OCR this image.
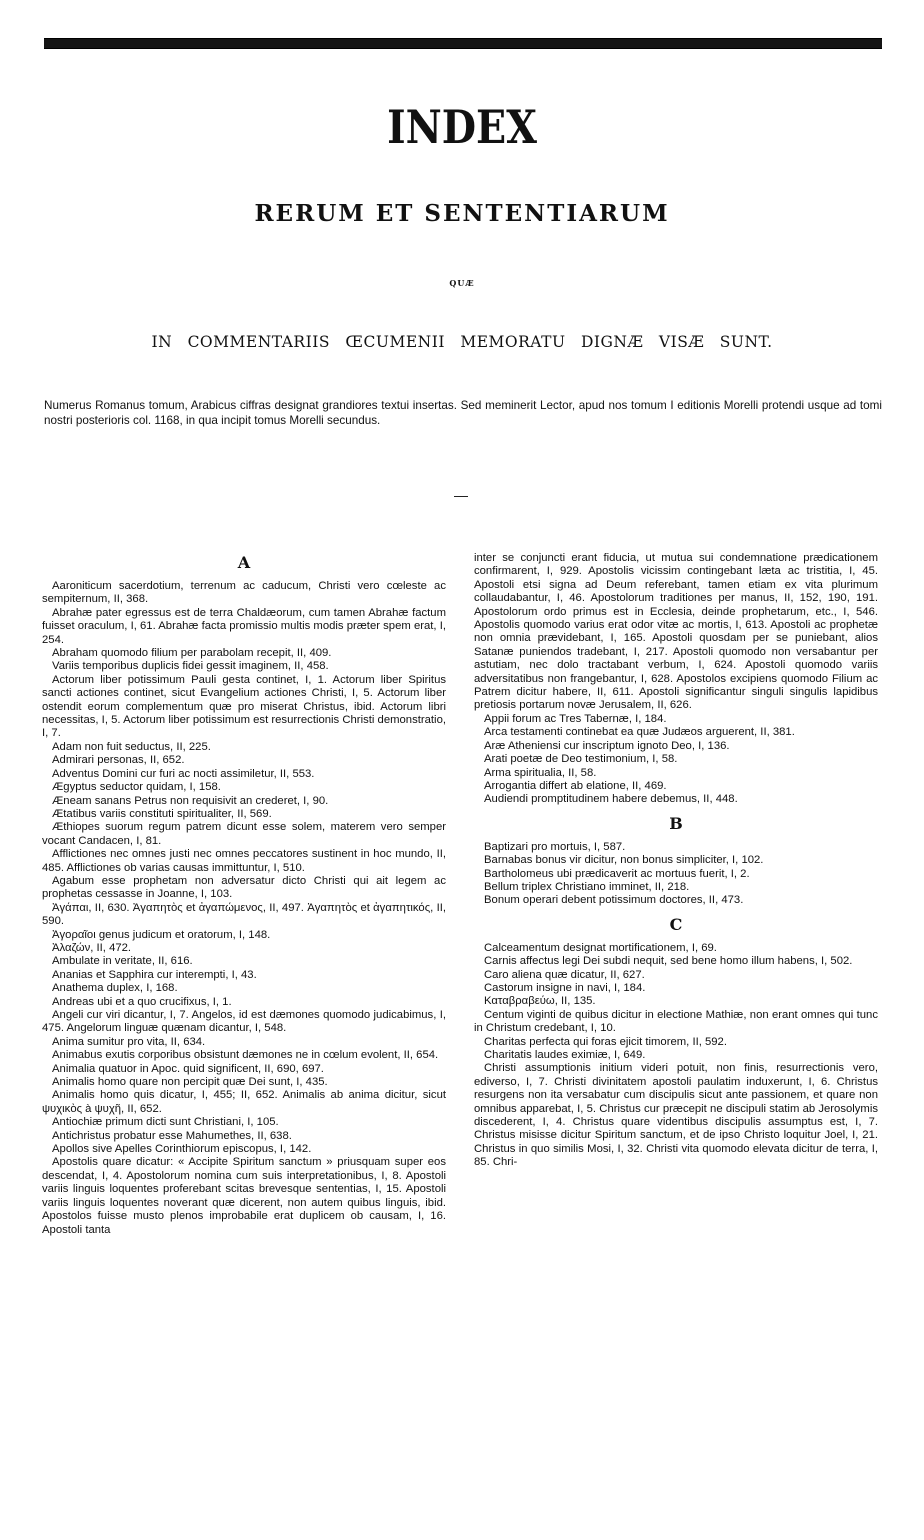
INDEX
RERUM ET SENTENTIARUM
QUÆ
IN COMMENTARIIS ŒCUMENII MEMORATU DIGNÆ VISÆ SUNT.
Numerus Romanus tomum, Arabicus ciffras designat grandiores textui insertas. Sed meminerit Lector, apud nos tomum I editionis Morelli protendi usque ad tomi nostri posterioris col. 1168, in qua incipit tomus Morelli secundus.
A

Aaroniticum sacerdotium, terrenum ac caducum, Christi vero cœleste ac sempiternum, II, 368.

Abrahæ pater egressus est de terra Chaldæorum, cum tamen Abrahæ factum fuisset oraculum, I, 61. Abrahæ facta promissio multis modis præter spem erat, I, 254.

Abraham quomodo filium per parabolam recepit, II, 409.

Variis temporibus duplicis fidei gessit imaginem, II, 458.

Actorum liber potissimum Pauli gesta continet, I, 1. Actorum liber Spiritus sancti actiones continet, sicut Evangelium actiones Christi, I, 5. Actorum liber ostendit eorum complementum quæ pro miserat Christus, ibid. Actorum libri necessitas, I, 5. Actorum liber potissimum est resurrectionis Christi demonstratio, I, 7.

Adam non fuit seductus, II, 225.

Admirari personas, II, 652.

Adventus Domini cur furi ac nocti assimiletur, II, 553.

Ægyptus seductor quidam, I, 158.

Æneam sanans Petrus non requisivit an crederet, I, 90.

Ætatibus variis constituti spiritualiter, II, 569.

Æthiopes suorum regum patrem dicunt esse solem, materem vero semper vocant Candacen, I, 81.

Afflictiones nec omnes justi nec omnes peccatores sustinent in hoc mundo, II, 485. Afflictiones ob varias causas immittuntur, I, 510.

Agabum esse prophetam non adversatur dicto Christi qui ait legem ac prophetas cessasse in Joanne, I, 103.

Ἀγάπαι, II, 630. Ἀγαπητὸς et ἀγαπώμενος, II, 497. Ἀγαπητὸς et ἀγαπητικός, II, 590.

Ἀγοραῖοι genus judicum et oratorum, I, 148.

Ἀλαζών, II, 472.

Ambulate in veritate, II, 616.

Ananias et Sapphira cur interempti, I, 43.

Anathema duplex, I, 168.

Andreas ubi et a quo crucifixus, I, 1.

Angeli cur viri dicantur, I, 7. Angelos, id est dæmones quomodo judicabimus, I, 475. Angelorum linguæ quænam dicantur, I, 548.

Anima sumitur pro vita, II, 634.

Animabus exutis corporibus obsistunt dæmones ne in cœlum evolent, II, 654.

Animalia quatuor in Apoc. quid significent, II, 690, 697.

Animalis homo quare non percipit quæ Dei sunt, I, 435.

Animalis homo quis dicatur, I, 455; II, 652. Animalis ab anima dicitur, sicut ψυχικὸς à ψυχῆ, II, 652.

Antiochiæ primum dicti sunt Christiani, I, 105.

Antichristus probatur esse Mahumethes, II, 638.

Apollos sive Apelles Corinthiorum episcopus, I, 142.

Apostolis quare dicatur: « Accipite Spiritum sanctum » priusquam super eos descendat, I, 4. Apostolorum nomina cum suis interpretationibus, I, 8. Apostoli variis linguis loquentes proferebant scitas brevesque sententias, I, 15. Apostoli variis linguis loquentes noverant quæ dicerent, non autem quibus linguis, ibid. Apostolos fuisse musto plenos improbabile erat duplicem ob causam, I, 16. Apostoli tanta

inter se conjuncti erant fiducia, ut mutua sui condemnatione prædicationem confirmarent, I, 929. Apostolis vicissim contingebant læta ac tristitia, I, 45. Apostoli etsi signa ad Deum referebant, tamen etiam ex vita plurimum collaudabantur, I, 46. Apostolorum traditiones per manus, II, 152, 190, 191. Apostolorum ordo primus est in Ecclesia, deinde prophetarum, etc., I, 546. Apostolis quomodo varius erat odor vitæ ac mortis, I, 613. Apostoli ac prophetæ non omnia prævidebant, I, 165. Apostoli quosdam per se puniebant, alios Satanæ puniendos tradebant, I, 217. Apostoli quomodo non versabantur per astutiam, nec dolo tractabant verbum, I, 624. Apostoli quomodo variis adversitatibus non frangebantur, I, 628. Apostolos excipiens quomodo Filium ac Patrem dicitur habere, II, 611. Apostoli significantur singuli singulis lapidibus pretiosis portarum novæ Jerusalem, II, 626.

Appii forum ac Tres Tabernæ, I, 184.

Arca testamenti continebat ea quæ Judæos arguerent, II, 381.

Aræ Atheniensi cur inscriptum ignoto Deo, I, 136.

Arati poetæ de Deo testimonium, I, 58.

Arma spiritualia, II, 58.

Arrogantia differt ab elatione, II, 469.

Audiendi promptitudinem habere debemus, II, 448.

B

Baptizari pro mortuis, I, 587.

Barnabas bonus vir dicitur, non bonus simpliciter, I, 102.

Bartholomeus ubi prædicaverit ac mortuus fuerit, I, 2.

Bellum triplex Christiano imminet, II, 218.

Bonum operari debent potissimum doctores, II, 473.

C

Calceamentum designat mortificationem, I, 69.

Carnis affectus legi Dei subdi nequit, sed bene homo illum habens, I, 502.

Caro aliena quæ dicatur, II, 627.

Castorum insigne in navi, I, 184.

Καταβραβεύω, II, 135.

Centum viginti de quibus dicitur in electione Mathiæ, non erant omnes qui tunc in Christum credebant, I, 10.

Charitas perfecta qui foras ejicit timorem, II, 592.

Charitatis laudes eximiæ, I, 649.

Christi assumptionis initium videri potuit, non finis, resurrectionis vero, ediverso, I, 7. Christi divinitatem apostoli paulatim induxerunt, I, 6. Christus resurgens non ita versabatur cum discipulis sicut ante passionem, et quare non omnibus apparebat, I, 5. Christus cur præcepit ne discipuli statim ab Jerosolymis discederent, I, 4. Christus quare videntibus discipulis assumptus est, I, 7. Christus misisse dicitur Spiritum sanctum, et de ipso Christo loquitur Joel, I, 21. Christus in quo similis Mosi, I, 32. Christi vita quomodo elevata dicitur de terra, I, 85. Chri-
